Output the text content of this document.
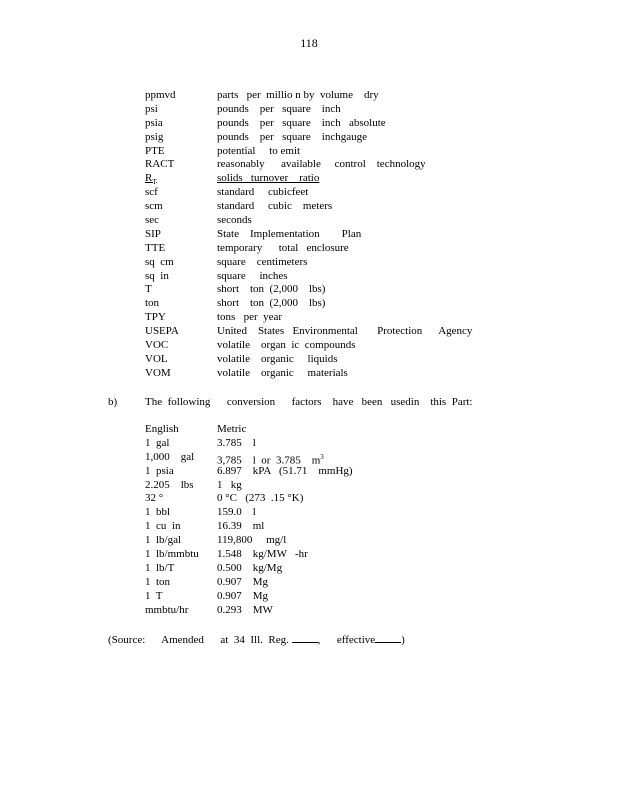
118
ppmvd	parts   per  millio n by  volume    dry
psi	pounds    per   square    inch
psia	pounds    per   square    inch   absolute
psig	pounds    per   square    inchgauge
PTE	potential     to emit
RACT	reasonably      available     control    technology
$R_T$	solids   turnover    ratio
scf	standard     cubicfeet
scm	standard     cubic    meters
sec	seconds
SIP	State    Implementation        Plan
TTE	temporary      total   enclosure
sq  cm	square    centimeters
sq  in	square     inches
T	short    ton  (2,000    lbs)
ton	short    ton  (2,000    lbs)
TPY	tons   per  year
USEPA	United    States   Environmental       Protection      Agency
VOC	volatile    organ  ic  compounds
VOL	volatile    organic     liquids
VOM	volatile    organic     materials
b)	The  following      conversion      factors    have   been   usedin    this  Part:
English	Metric
1  gal	3.785    l
1,000    gal	3,785    l  or  3.785    $m^3$
1  psia	6.897    kPA   (51.71    mmHg)
2.205    lbs	1   kg
32 °	0 °C   (273  .15 °K)
1  bbl	159.0    l
1  cu  in	16.39    ml
1  lb/gal	119,800     mg/l
1  lb/mmbtu	1.548    kg/MW   -hr
1  lb/T	0.500    kg/Mg
1  ton	0.907    Mg
1  T	0.907    Mg
mmbtu/hr	0.293    MW
(Source:      Amended      at  34  Ill.  Reg.	,      effective )
